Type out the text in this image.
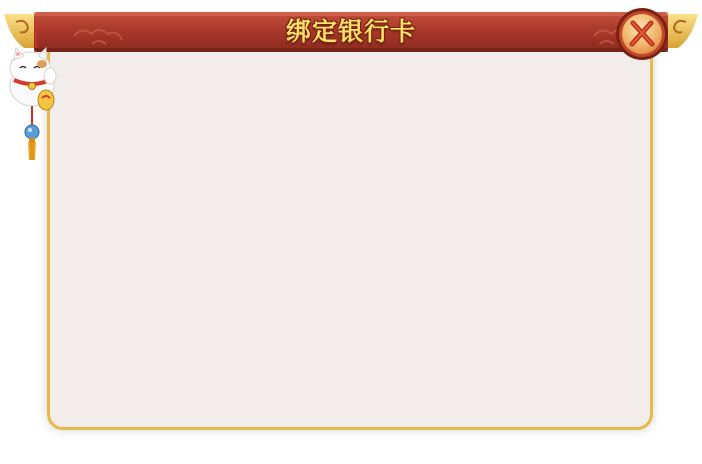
绑定银行卡
